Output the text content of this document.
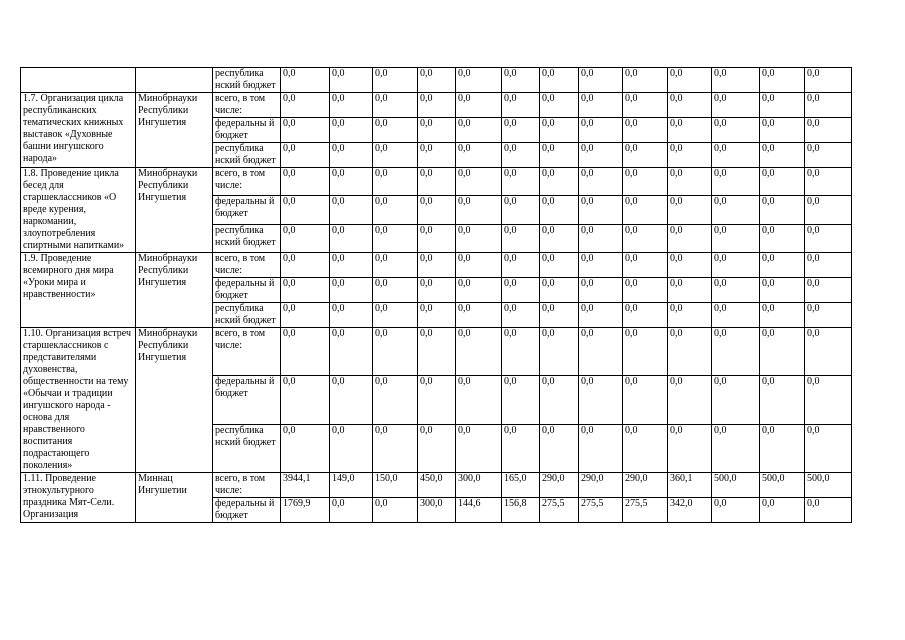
		республика нский бюджет	0,0	0,0	0,0	0,0	0,0	0,0	0,0	0,0	0,0	0,0	0,0	0,0	0,0
1.7. Организация цикла республиканских тематических книжных выставок «Духовные башни ингушского народа»	Минобрнауки Республики Ингушетия	всего, в том числе:	0,0	0,0	0,0	0,0	0,0	0,0	0,0	0,0	0,0	0,0	0,0	0,0	0,0
		федеральны й бюджет	0,0	0,0	0,0	0,0	0,0	0,0	0,0	0,0	0,0	0,0	0,0	0,0	0,0
		республика нский бюджет	0,0	0,0	0,0	0,0	0,0	0,0	0,0	0,0	0,0	0,0	0,0	0,0	0,0
1.8. Проведение цикла бесед для старшеклассников «О вреде курения, наркомании, злоупотребления спиртными напитками»	Минобрнауки Республики Ингушетия	всего, в том числе:	0,0	0,0	0,0	0,0	0,0	0,0	0,0	0,0	0,0	0,0	0,0	0,0	0,0
		федеральны й бюджет	0,0	0,0	0,0	0,0	0,0	0,0	0,0	0,0	0,0	0,0	0,0	0,0	0,0
		республика нский бюджет	0,0	0,0	0,0	0,0	0,0	0,0	0,0	0,0	0,0	0,0	0,0	0,0	0,0
1.9. Проведение всемирного дня мира «Уроки мира и нравственности»	Минобрнауки Республики Ингушетия	всего, в том числе:	0,0	0,0	0,0	0,0	0,0	0,0	0,0	0,0	0,0	0,0	0,0	0,0	0,0
		федеральны й бюджет	0,0	0,0	0,0	0,0	0,0	0,0	0,0	0,0	0,0	0,0	0,0	0,0	0,0
		республика нский бюджет	0,0	0,0	0,0	0,0	0,0	0,0	0,0	0,0	0,0	0,0	0,0	0,0	0,0
1.10. Организация встреч старшеклассников с представителями духовенства, общественности на тему «Обычаи и традиции ингушского народа - основа для нравственного воспитания подрастающего поколения»	Минобрнауки Республики Ингушетия	всего, в том числе:	0,0	0,0	0,0	0,0	0,0	0,0	0,0	0,0	0,0	0,0	0,0	0,0	0,0
		федеральны й бюджет	0,0	0,0	0,0	0,0	0,0	0,0	0,0	0,0	0,0	0,0	0,0	0,0	0,0
		республика нский бюджет	0,0	0,0	0,0	0,0	0,0	0,0	0,0	0,0	0,0	0,0	0,0	0,0	0,0
1.11. Проведение этнокультурного праздника Мят-Сели. Организация	Миннац Ингушетии	всего, в том числе:	3944,1	149,0	150,0	450,0	300,0	165,0	290,0	290,0	290,0	360,1	500,0	500,0	500,0
		федеральны й бюджет	1769,9	0,0	0,0	300,0	144,6	156,8	275,5	275,5	275,5	342,0	0,0	0,0	0,0
